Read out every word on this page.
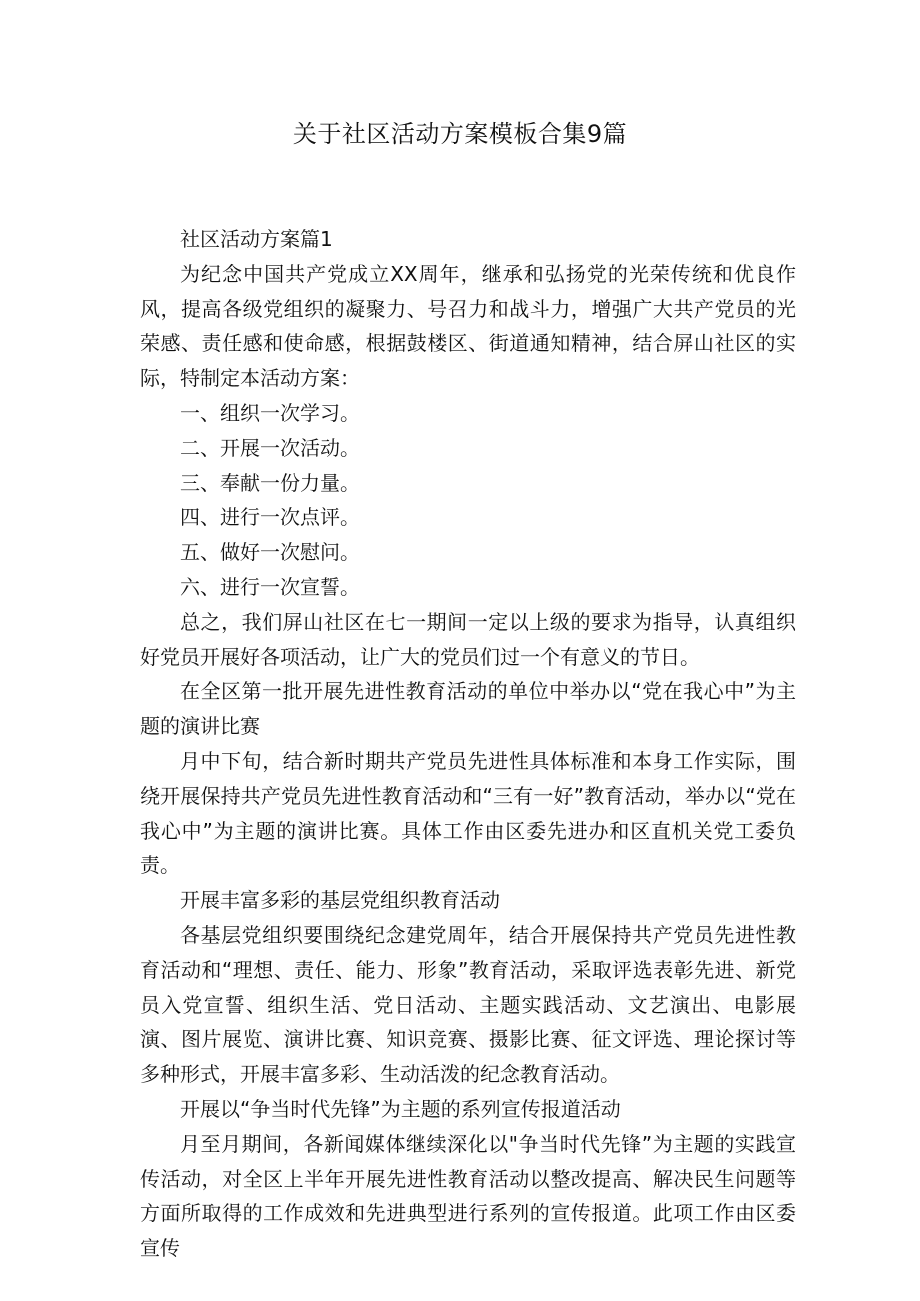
关于社区活动方案模板合集9篇

社区活动方案篇1

为纪念中国共产党成立XX周年，继承和弘扬党的光荣传统和优良作风，提高各级党组织的凝聚力、号召力和战斗力，增强广大共产党员的光荣感、责任感和使命感，根据鼓楼区、街道通知精神，结合屏山社区的实际，特制定本活动方案：

一、组织一次学习。

二、开展一次活动。

三、奉献一份力量。

四、进行一次点评。

五、做好一次慰问。

六、进行一次宣誓。

总之，我们屏山社区在七一期间一定以上级的要求为指导，认真组织好党员开展好各项活动，让广大的党员们过一个有意义的节日。

在全区第一批开展先进性教育活动的单位中举办以“党在我心中”为主题的演讲比赛

月中下旬，结合新时期共产党员先进性具体标准和本身工作实际，围绕开展保持共产党员先进性教育活动和“三有一好”教育活动，举办以“党在我心中”为主题的演讲比赛。具体工作由区委先进办和区直机关党工委负责。

开展丰富多彩的基层党组织教育活动

各基层党组织要围绕纪念建党周年，结合开展保持共产党员先进性教育活动和“理想、责任、能力、形象”教育活动，采取评选表彰先进、新党员入党宣誓、组织生活、党日活动、主题实践活动、文艺演出、电影展演、图片展览、演讲比赛、知识竞赛、摄影比赛、征文评选、理论探讨等多种形式，开展丰富多彩、生动活泼的纪念教育活动。

开展以“争当时代先锋”为主题的系列宣传报道活动

月至月期间，各新闻媒体继续深化以"争当时代先锋”为主题的实践宣传活动，对全区上半年开展先进性教育活动以整改提高、解决民生问题等方面所取得的工作成效和先进典型进行系列的宣传报道。此项工作由区委宣传
